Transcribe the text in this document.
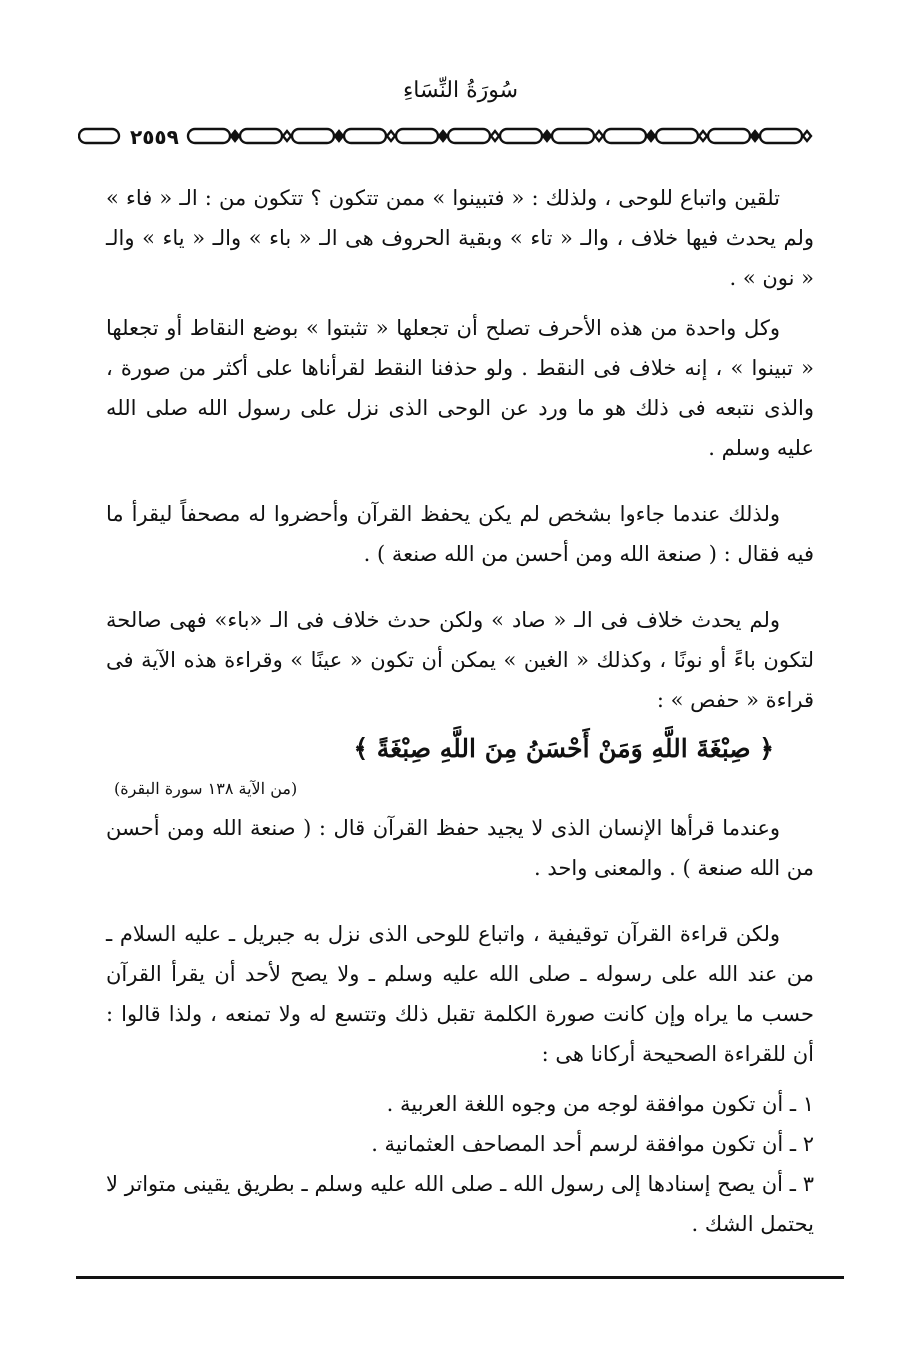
سُورَةُ النِّسَاءِ
٢٥٥٩

تلقين واتباع للوحى ، ولذلك : « فتبينوا » ممن تتكون ؟ تتكون من : الـ « فاء » ولم يحدث فيها خلاف ، والـ « تاء » وبقية الحروف هى الـ « باء » والـ « ياء » والـ « نون » .

وكل واحدة من هذه الأحرف تصلح أن تجعلها « تثبتوا » بوضع النقاط أو تجعلها « تبينوا » ، إنه خلاف فى النقط . ولو حذفنا النقط لقرأناها على أكثر من صورة ، والذى نتبعه فى ذلك هو ما ورد عن الوحى الذى نزل على رسول الله صلى الله عليه وسلم .

ولذلك عندما جاءوا بشخص لم يكن يحفظ القرآن وأحضروا له مصحفاً ليقرأ ما فيه فقال : ( صنعة الله ومن أحسن من الله صنعة ) .

ولم يحدث خلاف فى الـ « صاد » ولكن حدث خلاف فى الـ «باء» فهى صالحة لتكون باءً أو نونًا ، وكذلك « الغين » يمكن أن تكون « عينًا » وقراءة هذه الآية فى قراءة « حفص » :

﴿ صِبْغَةَ اللَّهِ وَمَنْ أَحْسَنُ مِنَ اللَّهِ صِبْغَةً ﴾
(من الآية ١٣٨ سورة البقرة)

وعندما قرأها الإنسان الذى لا يجيد حفظ القرآن قال : ( صنعة الله ومن أحسن من الله صنعة ) . والمعنى واحد .

ولكن قراءة القرآن توقيفية ، واتباع للوحى الذى نزل به جبريل ـ عليه السلام ـ من عند الله على رسوله ـ صلى الله عليه وسلم ـ ولا يصح لأحد أن يقرأ القرآن حسب ما يراه وإن كانت صورة الكلمة تقبل ذلك وتتسع له ولا تمنعه ، ولذا قالوا : أن للقراءة الصحيحة أركانا هى :

١ ـ أن تكون موافقة لوجه من وجوه اللغة العربية .
٢ ـ أن تكون موافقة لرسم أحد المصاحف العثمانية .
٣ ـ أن يصح إسنادها إلى رسول الله ـ صلى الله عليه وسلم ـ بطريق يقينى متواتر لا يحتمل الشك .
